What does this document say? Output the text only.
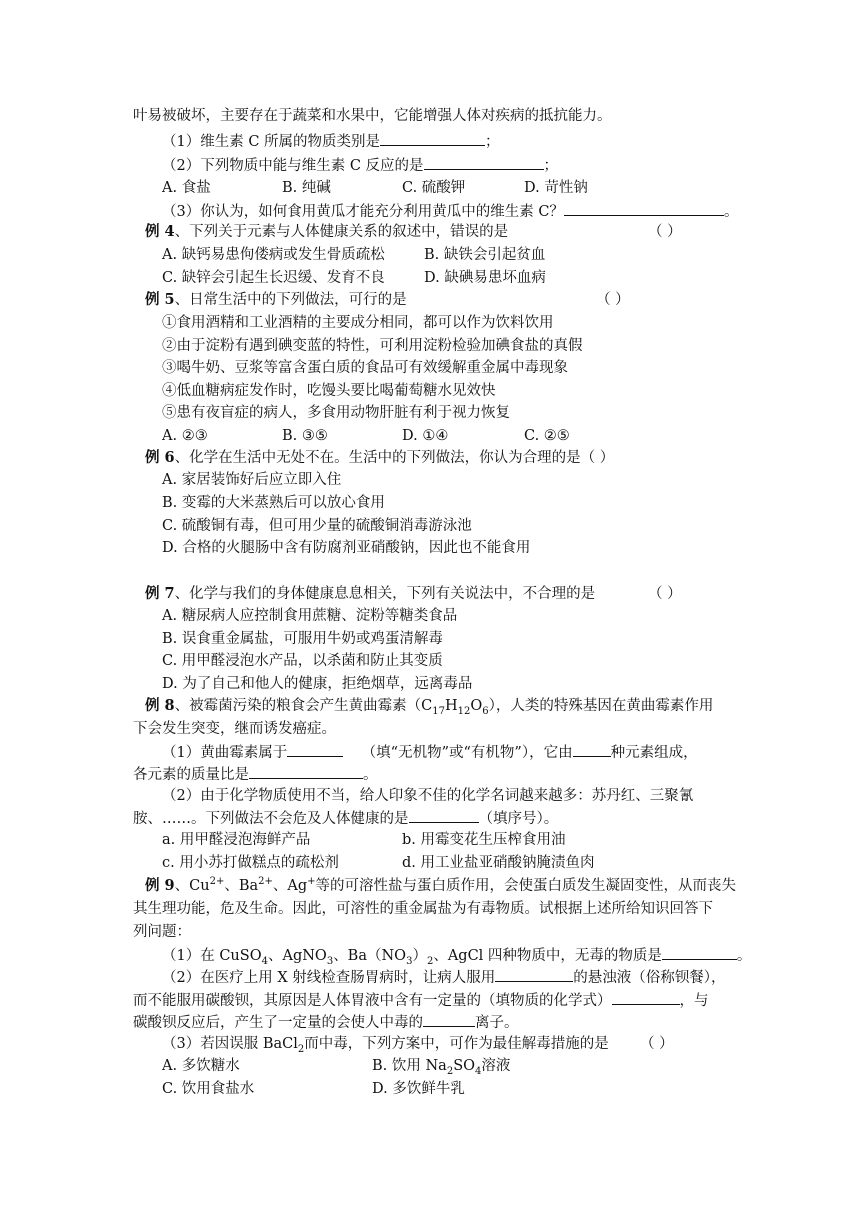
叶易被破坏，主要存在于蔬菜和水果中，它能增强人体对疾病的抵抗能力。
（1）维生素 C 所属的物质类别是	；
（2）下列物质中能与维生素 C 反应的是	；
A. 食盐	B. 纯碱	C. 硫酸钾	D. 苛性钠
（3）你认为，如何食用黄瓜才能充分利用黄瓜中的维生素 C？	。
例 4、下列关于元素与人体健康关系的叙述中，错误的是	（ ）
A. 缺钙易患佝偻病或发生骨质疏松	B. 缺铁会引起贫血
C. 缺锌会引起生长迟缓、发育不良	D. 缺碘易患坏血病
例 5、日常生活中的下列做法，可行的是	（ ）
①食用酒精和工业酒精的主要成分相同，都可以作为饮料饮用
②由于淀粉有遇到碘变蓝的特性，可利用淀粉检验加碘食盐的真假
③喝牛奶、豆浆等富含蛋白质的食品可有效缓解重金属中毒现象
④低血糖病症发作时，吃馒头要比喝葡萄糖水见效快
⑤患有夜盲症的病人，多食用动物肝脏有利于视力恢复
A. ②③	B. ③⑤	D. ①④	C. ②⑤
例 6、化学在生活中无处不在。生活中的下列做法，你认为合理的是（ ）
A. 家居装饰好后应立即入住
B. 变霉的大米蒸熟后可以放心食用
C. 硫酸铜有毒，但可用少量的硫酸铜消毒游泳池
D. 合格的火腿肠中含有防腐剂亚硝酸钠，因此也不能食用
例 7、化学与我们的身体健康息息相关，下列有关说法中，不合理的是	（ ）
A. 糖尿病人应控制食用蔗糖、淀粉等糖类食品
B. 误食重金属盐，可服用牛奶或鸡蛋清解毒
C. 用甲醛浸泡水产品，以杀菌和防止其变质
D. 为了自己和他人的健康，拒绝烟草，远离毒品
例 8、被霉菌污染的粮食会产生黄曲霉素$(C_{17}H_{12}O_6)$，人类的特殊基因在黄曲霉素作用
下会发生突变，继而诱发癌症。
（1）黄曲霉素属于	（填“无机物”或“有机物”），它由	种元素组成，
各元素的质量比是	。
（2）由于化学物质使用不当，给人印象不佳的化学名词越来越多：苏丹红、三聚氰
胺、……。下列做法不会危及人体健康的是	（填序号）。
a. 用甲醛浸泡海鲜产品	b. 用霉变花生压榨食用油
c. 用小苏打做糕点的疏松剂	d. 用工业盐亚硝酸钠腌渍鱼肉
例 9、$Cu^{2+}$、$Ba^{2+}$、Ag+等的可溶性盐与蛋白质作用，会使蛋白质发生凝固变性，从而丧失
其生理功能，危及生命。因此，可溶性的重金属盐为有毒物质。试根据上述所给知识回答下
列问题：
（1）在 CuSO$_4$、AgNO$_3$、$Ba(NO_3)_2$、AgCl 四种物质中，无毒的物质是	。
（2）在医疗上用 X 射线检查肠胃病时，让病人服用	的悬浊液（俗称钡餐），
而不能服用碳酸钡，其原因是人体胃液中含有一定量的（填物质的化学式）	，与
碳酸钡反应后，产生了一定量的会使人中毒的	离子。
（3）若因误服 BaCl$_2$而中毒，下列方案中，可作为最佳解毒措施的是 （ ）
A. 多饮糖水	B. 饮用 $Na_2SO_4$溶液
C. 饮用食盐水	D. 多饮鲜牛乳
